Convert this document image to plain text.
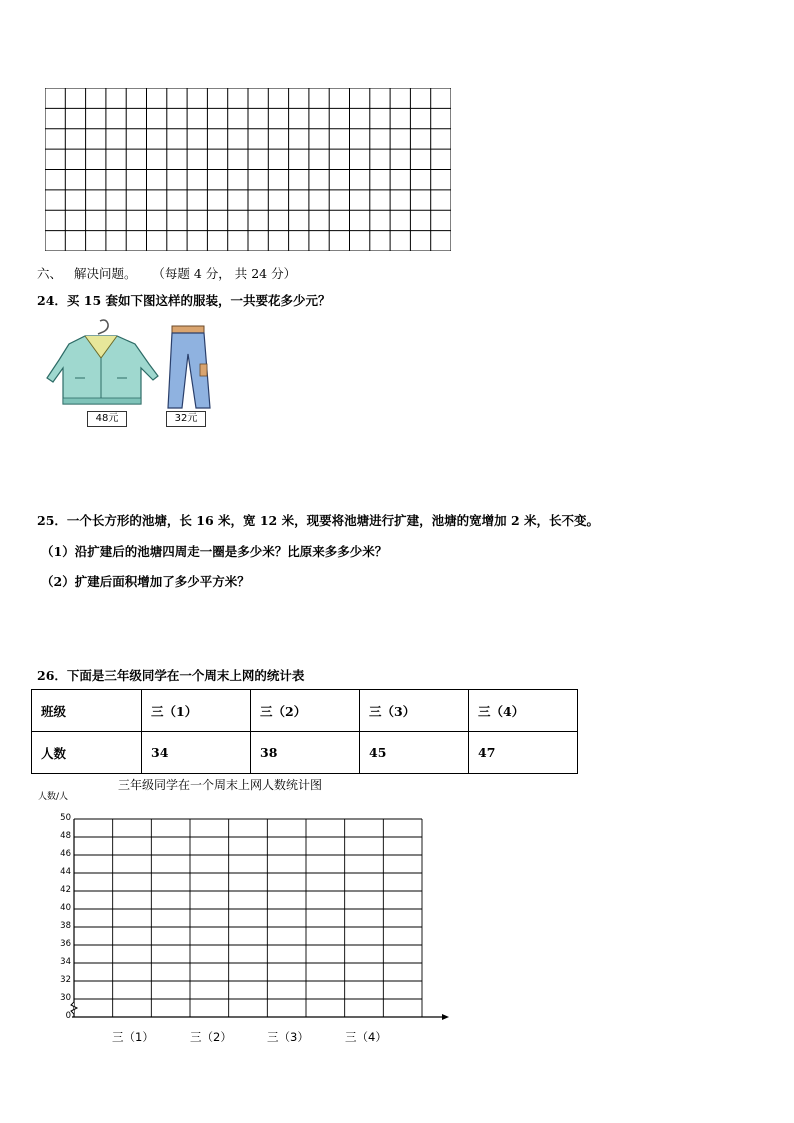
六、 解决问题。 （每题 4 分， 共 24 分）
24．买 15 套如下图这样的服装，一共要花多少元？
48元	32元
25．一个长方形的池塘，长 16 米，宽 12 米，现要将池塘进行扩建，池塘的宽增加 2 米，长不变。
（1）沿扩建后的池塘四周走一圈是多少米？比原来多多少米？
（2）扩建后面积增加了多少平方米？
26．下面是三年级同学在一个周末上网的统计表
班级	三（1）	三（2）	三（3）	三（4）
人数	34	38	45	47
三年级同学在一个周末上网人数统计图
人数/人
0
30
32
34
36
38
40
42
44
46
48
50
三（1）	三（2）	三（3）	三（4）
